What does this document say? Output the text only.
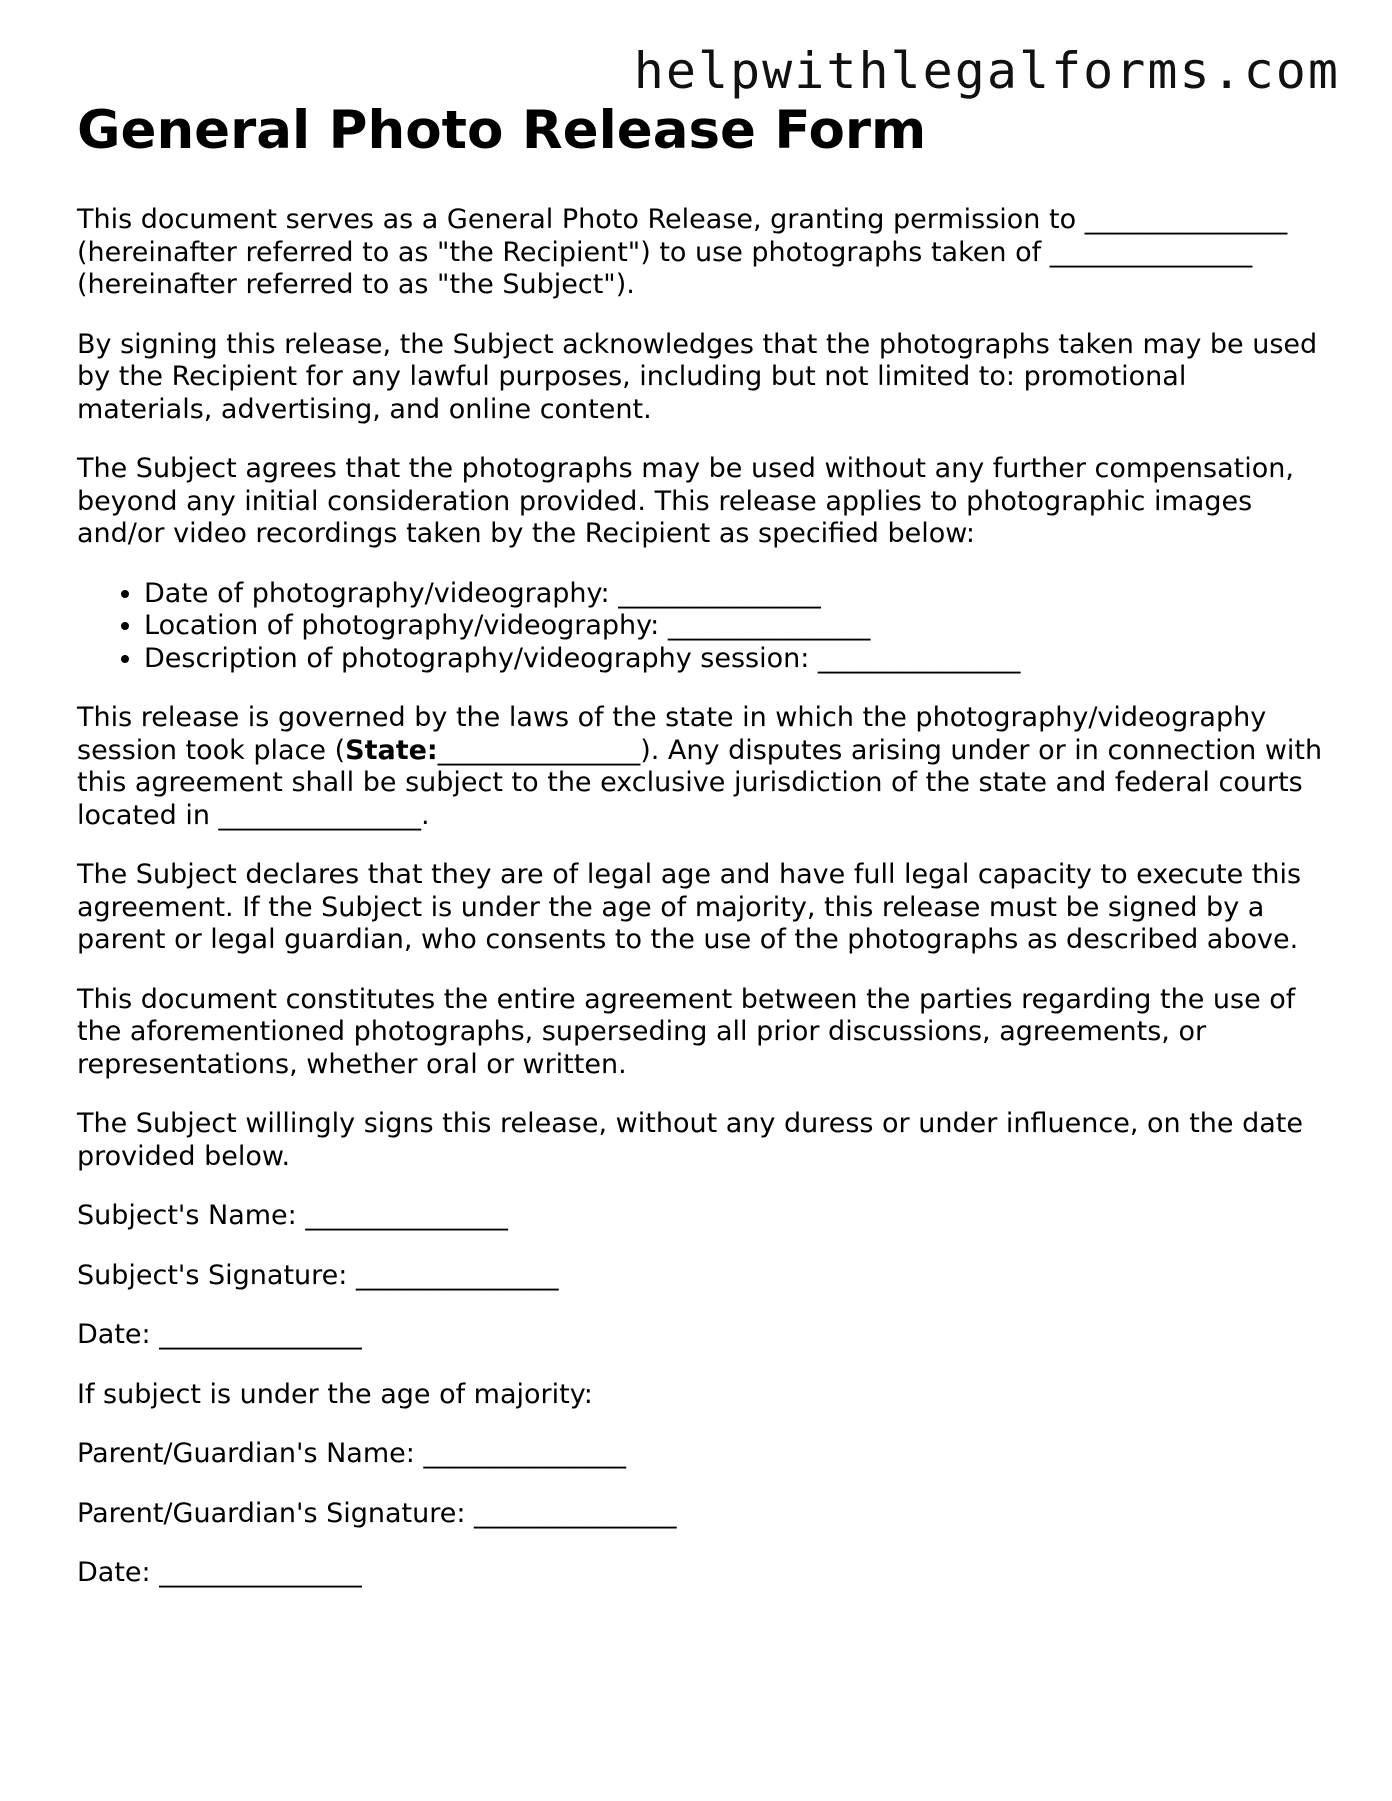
helpwithlegalforms.com
General Photo Release Form

This document serves as a General Photo Release, granting permission to _______________ (hereinafter referred to as "the Recipient") to use photographs taken of _______________ (hereinafter referred to as "the Subject").

By signing this release, the Subject acknowledges that the photographs taken may be used by the Recipient for any lawful purposes, including but not limited to: promotional materials, advertising, and online content.

The Subject agrees that the photographs may be used without any further compensation, beyond any initial consideration provided. This release applies to photographic images and/or video recordings taken by the Recipient as specified below:

• Date of photography/videography: _______________
• Location of photography/videography: _______________
• Description of photography/videography session: _______________

This release is governed by the laws of the state in which the photography/videography session took place (State:_______________). Any disputes arising under or in connection with this agreement shall be subject to the exclusive jurisdiction of the state and federal courts located in _______________.

The Subject declares that they are of legal age and have full legal capacity to execute this agreement. If the Subject is under the age of majority, this release must be signed by a parent or legal guardian, who consents to the use of the photographs as described above.

This document constitutes the entire agreement between the parties regarding the use of the aforementioned photographs, superseding all prior discussions, agreements, or representations, whether oral or written.

The Subject willingly signs this release, without any duress or under influence, on the date provided below.

Subject's Name: _______________

Subject's Signature: _______________

Date: _______________

If subject is under the age of majority:

Parent/Guardian's Name: _______________

Parent/Guardian's Signature: _______________

Date: _______________
